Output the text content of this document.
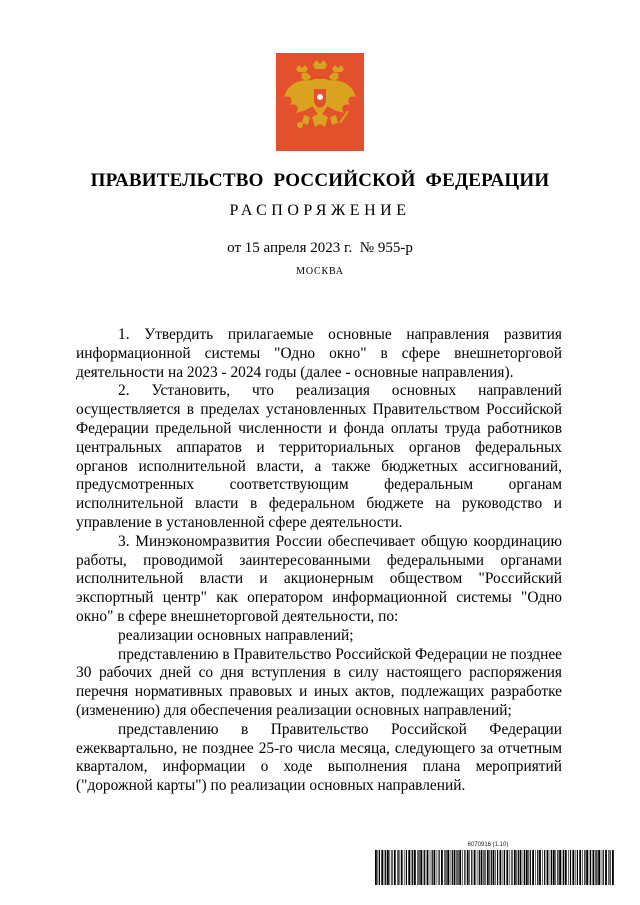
ПРАВИТЕЛЬСТВО РОССИЙСКОЙ ФЕДЕРАЦИИ
РАСПОРЯЖЕНИЕ
от 15 апреля 2023 г.  № 955-р
МОСКВА

1. Утвердить прилагаемые основные направления развития информационной системы "Одно окно" в сфере внешнеторговой деятельности на 2023 - 2024 годы (далее - основные направления).

2. Установить, что реализация основных направлений осуществляется в пределах установленных Правительством Российской Федерации предельной численности и фонда оплаты труда работников центральных аппаратов и территориальных органов федеральных органов исполнительной власти, а также бюджетных ассигнований, предусмотренных соответствующим федеральным органам исполнительной власти в федеральном бюджете на руководство и управление в установленной сфере деятельности.

3. Минэкономразвития России обеспечивает общую координацию работы, проводимой заинтересованными федеральными органами исполнительной власти и акционерным обществом "Российский экспортный центр" как оператором информационной системы "Одно окно" в сфере внешнеторговой деятельности, по:

реализации основных направлений;

представлению в Правительство Российской Федерации не позднее 30 рабочих дней со дня вступления в силу настоящего распоряжения перечня нормативных правовых и иных актов, подлежащих разработке (изменению) для обеспечения реализации основных направлений;

представлению в Правительство Российской Федерации ежеквартально, не позднее 25-го числа месяца, следующего за отчетным кварталом, информации о ходе выполнения плана мероприятий ("дорожной карты") по реализации основных направлений.

6070916 (1.10)
